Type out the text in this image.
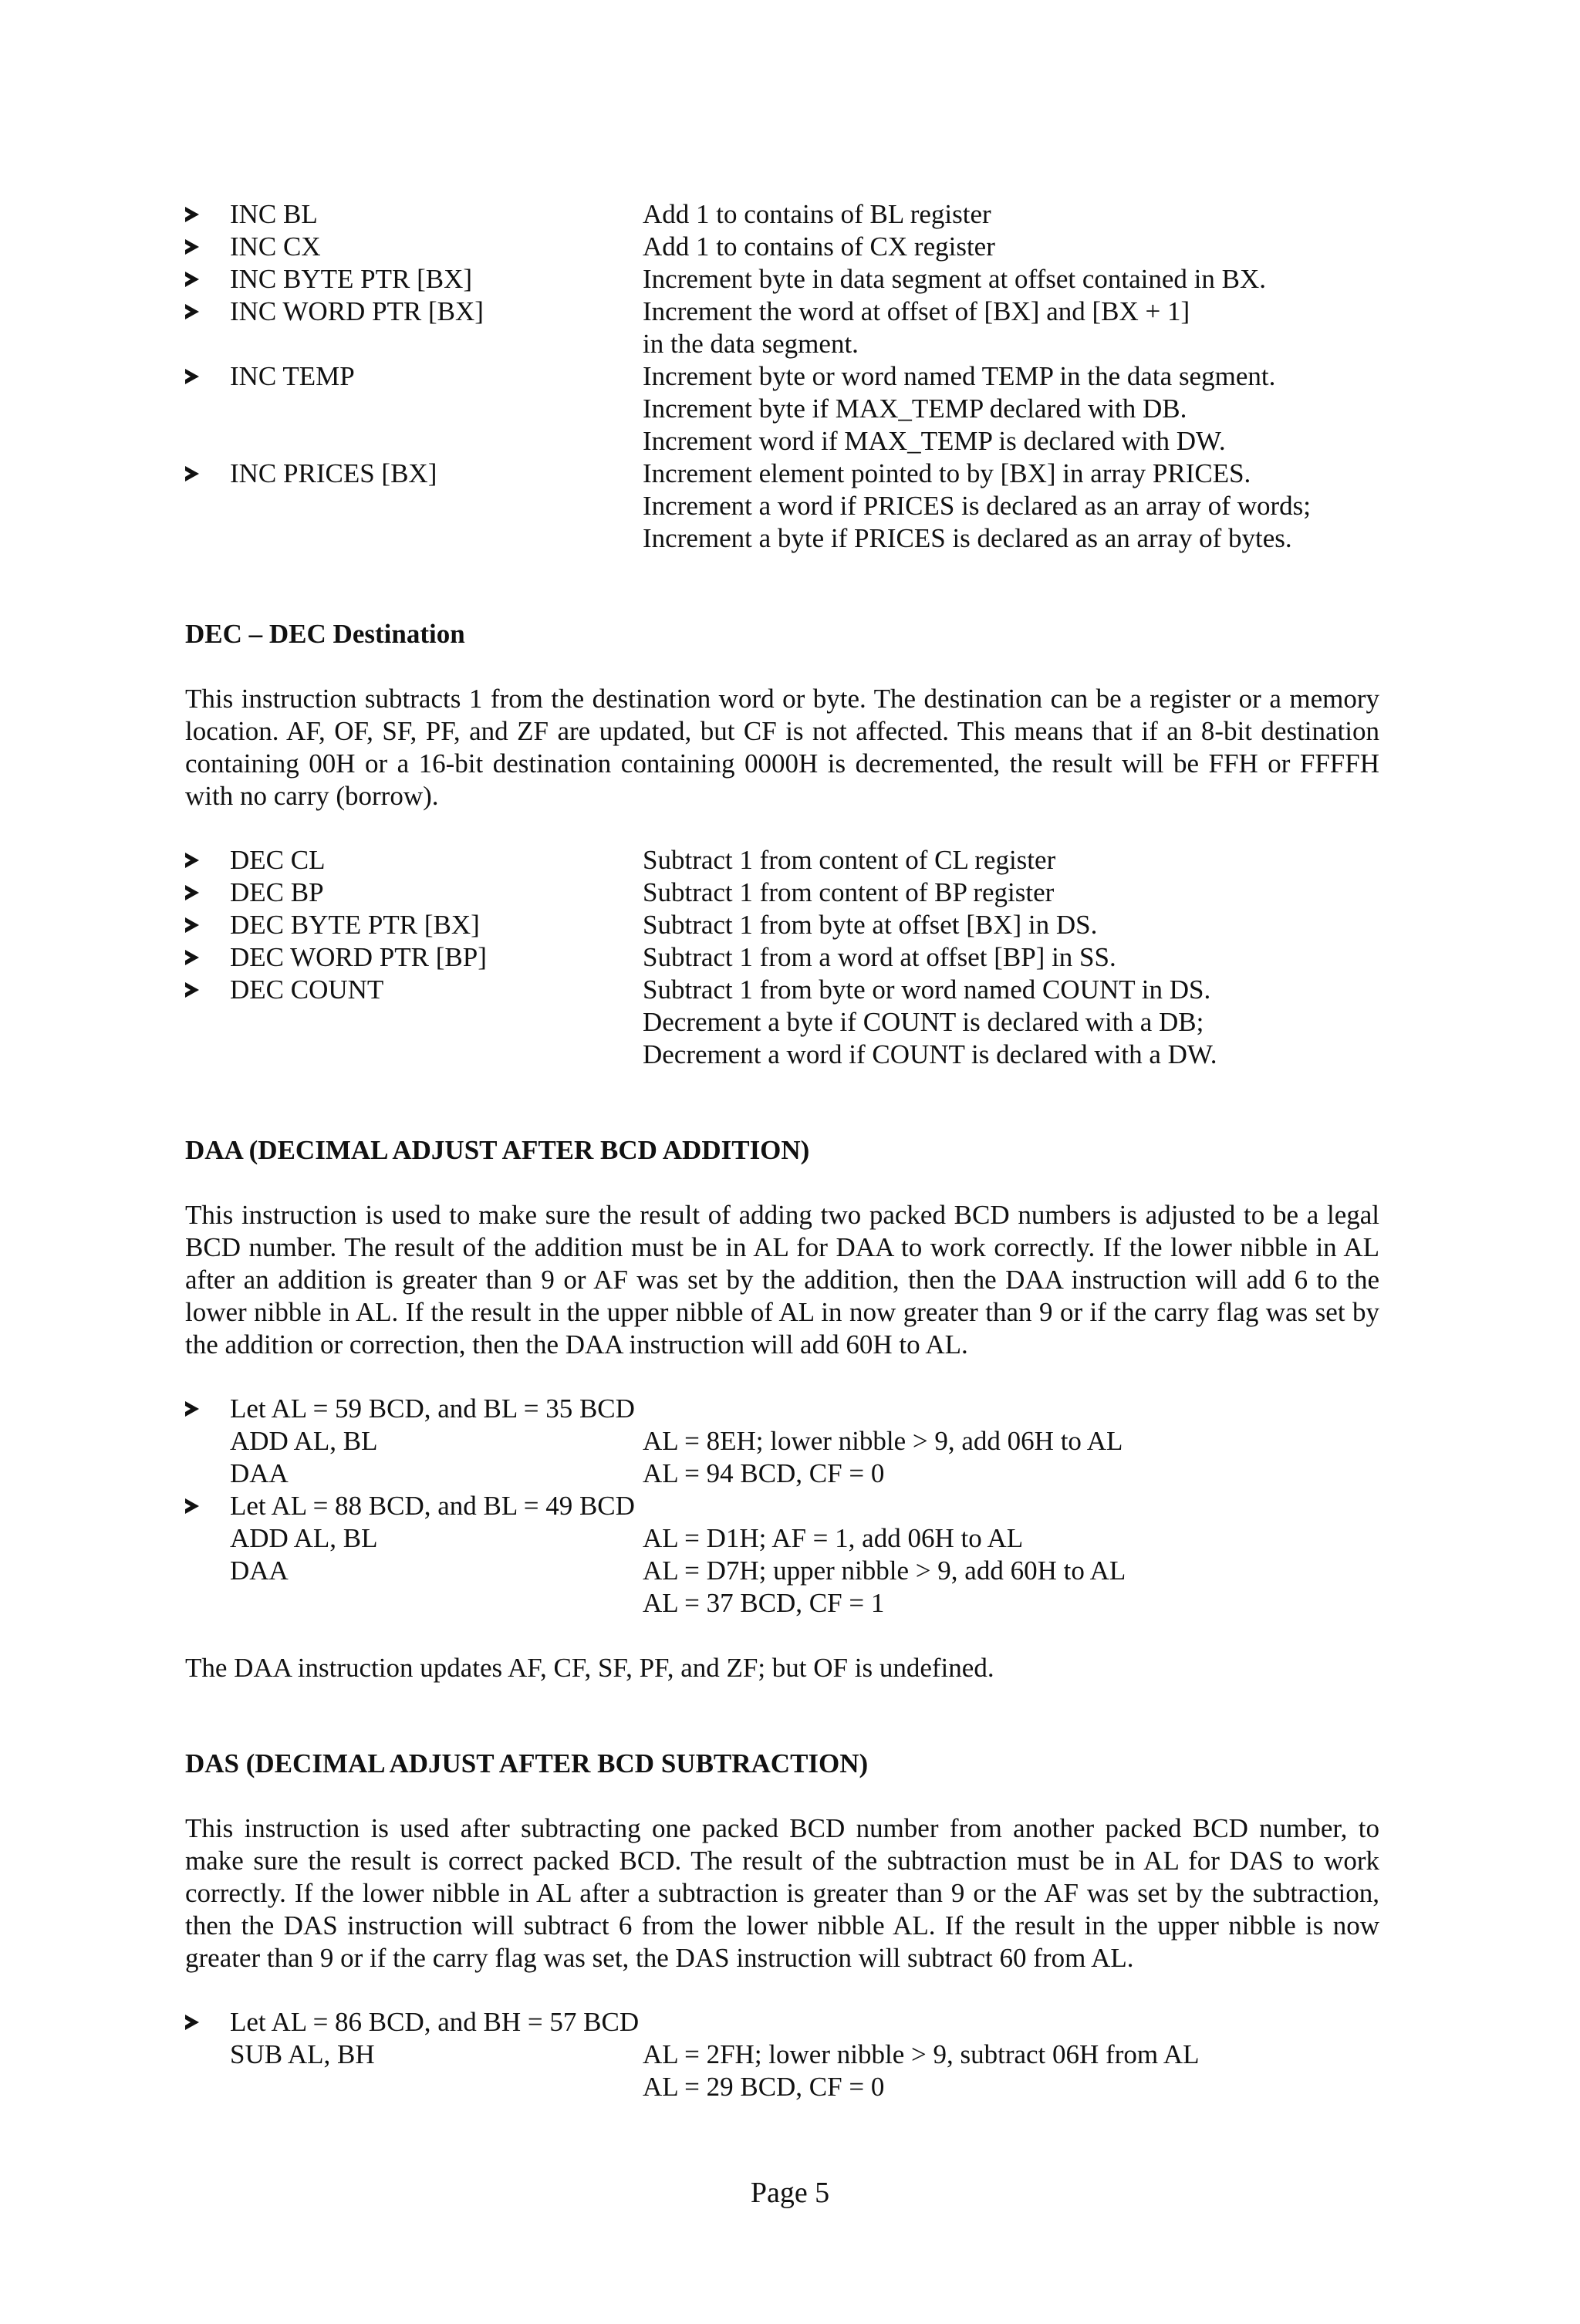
INC BL	Add 1 to contains of BL register
INC CX	Add 1 to contains of CX register
INC BYTE PTR [BX]	Increment byte in data segment at offset contained in BX.
INC WORD PTR [BX]	Increment the word at offset of [BX] and [BX + 1]
in the data segment.
INC TEMP	Increment byte or word named TEMP in the data segment.
Increment byte if MAX_TEMP declared with DB.
Increment word if MAX_TEMP is declared with DW.
INC PRICES [BX]	Increment element pointed to by [BX] in array PRICES.
Increment a word if PRICES is declared as an array of words;
Increment a byte if PRICES is declared as an array of bytes.
DEC – DEC Destination
This instruction subtracts 1 from the destination word or byte. The destination can be a register or a memory location. AF, OF, SF, PF, and ZF are updated, but CF is not affected. This means that if an 8-bit destination containing 00H or a 16-bit destination containing 0000H is decremented, the result will be FFH or FFFFH with no carry (borrow).
DEC CL	Subtract 1 from content of CL register
DEC BP	Subtract 1 from content of BP register
DEC BYTE PTR [BX]	Subtract 1 from byte at offset [BX] in DS.
DEC WORD PTR [BP]	Subtract 1 from a word at offset [BP] in SS.
DEC COUNT	Subtract 1 from byte or word named COUNT in DS.
Decrement a byte if COUNT is declared with a DB;
Decrement a word if COUNT is declared with a DW.
DAA (DECIMAL ADJUST AFTER BCD ADDITION)
This instruction is used to make sure the result of adding two packed BCD numbers is adjusted to be a legal BCD number. The result of the addition must be in AL for DAA to work correctly. If the lower nibble in AL after an addition is greater than 9 or AF was set by the addition, then the DAA instruction will add 6 to the lower nibble in AL. If the result in the upper nibble of AL in now greater than 9 or if the carry flag was set by the addition or correction, then the DAA instruction will add 60H to AL.
Let AL = 59 BCD, and BL = 35 BCD
ADD AL, BL	AL = 8EH; lower nibble > 9, add 06H to AL
DAA	AL = 94 BCD, CF = 0
Let AL = 88 BCD, and BL = 49 BCD
ADD AL, BL	AL = D1H; AF = 1, add 06H to AL
DAA	AL = D7H; upper nibble > 9, add 60H to AL
AL = 37 BCD, CF = 1
The DAA instruction updates AF, CF, SF, PF, and ZF; but OF is undefined.
DAS (DECIMAL ADJUST AFTER BCD SUBTRACTION)
This instruction is used after subtracting one packed BCD number from another packed BCD number, to make sure the result is correct packed BCD. The result of the subtraction must be in AL for DAS to work correctly. If the lower nibble in AL after a subtraction is greater than 9 or the AF was set by the subtraction, then the DAS instruction will subtract 6 from the lower nibble AL. If the result in the upper nibble is now greater than 9 or if the carry flag was set, the DAS instruction will subtract 60 from AL.
Let AL = 86 BCD, and BH = 57 BCD
SUB AL, BH	AL = 2FH; lower nibble > 9, subtract 06H from AL
AL = 29 BCD, CF = 0
Page 5
